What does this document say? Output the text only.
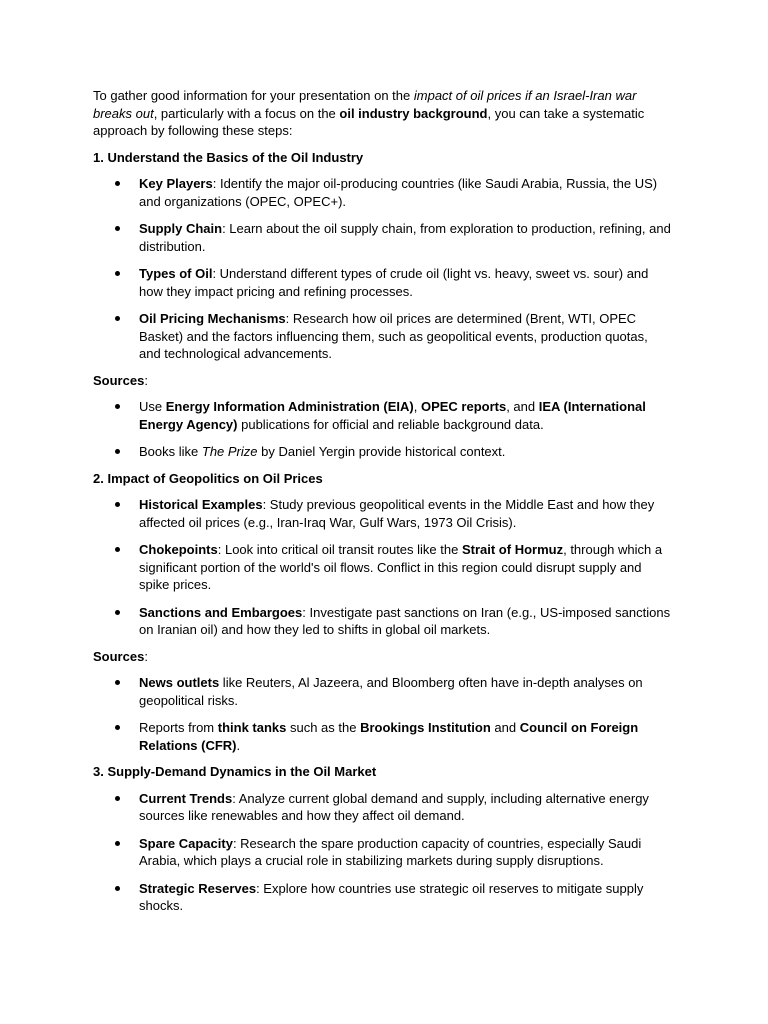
To gather good information for your presentation on the impact of oil prices if an Israel-Iran war breaks out, particularly with a focus on the oil industry background, you can take a systematic approach by following these steps:

1. Understand the Basics of the Oil Industry

Key Players: Identify the major oil-producing countries (like Saudi Arabia, Russia, the US) and organizations (OPEC, OPEC+).
Supply Chain: Learn about the oil supply chain, from exploration to production, refining, and distribution.
Types of Oil: Understand different types of crude oil (light vs. heavy, sweet vs. sour) and how they impact pricing and refining processes.
Oil Pricing Mechanisms: Research how oil prices are determined (Brent, WTI, OPEC Basket) and the factors influencing them, such as geopolitical events, production quotas, and technological advancements.

Sources:

Use Energy Information Administration (EIA), OPEC reports, and IEA (International Energy Agency) publications for official and reliable background data.
Books like The Prize by Daniel Yergin provide historical context.

2. Impact of Geopolitics on Oil Prices

Historical Examples: Study previous geopolitical events in the Middle East and how they affected oil prices (e.g., Iran-Iraq War, Gulf Wars, 1973 Oil Crisis).
Chokepoints: Look into critical oil transit routes like the Strait of Hormuz, through which a significant portion of the world's oil flows. Conflict in this region could disrupt supply and spike prices.
Sanctions and Embargoes: Investigate past sanctions on Iran (e.g., US-imposed sanctions on Iranian oil) and how they led to shifts in global oil markets.

Sources:

News outlets like Reuters, Al Jazeera, and Bloomberg often have in-depth analyses on geopolitical risks.
Reports from think tanks such as the Brookings Institution and Council on Foreign Relations (CFR).

3. Supply-Demand Dynamics in the Oil Market

Current Trends: Analyze current global demand and supply, including alternative energy sources like renewables and how they affect oil demand.
Spare Capacity: Research the spare production capacity of countries, especially Saudi Arabia, which plays a crucial role in stabilizing markets during supply disruptions.
Strategic Reserves: Explore how countries use strategic oil reserves to mitigate supply shocks.
